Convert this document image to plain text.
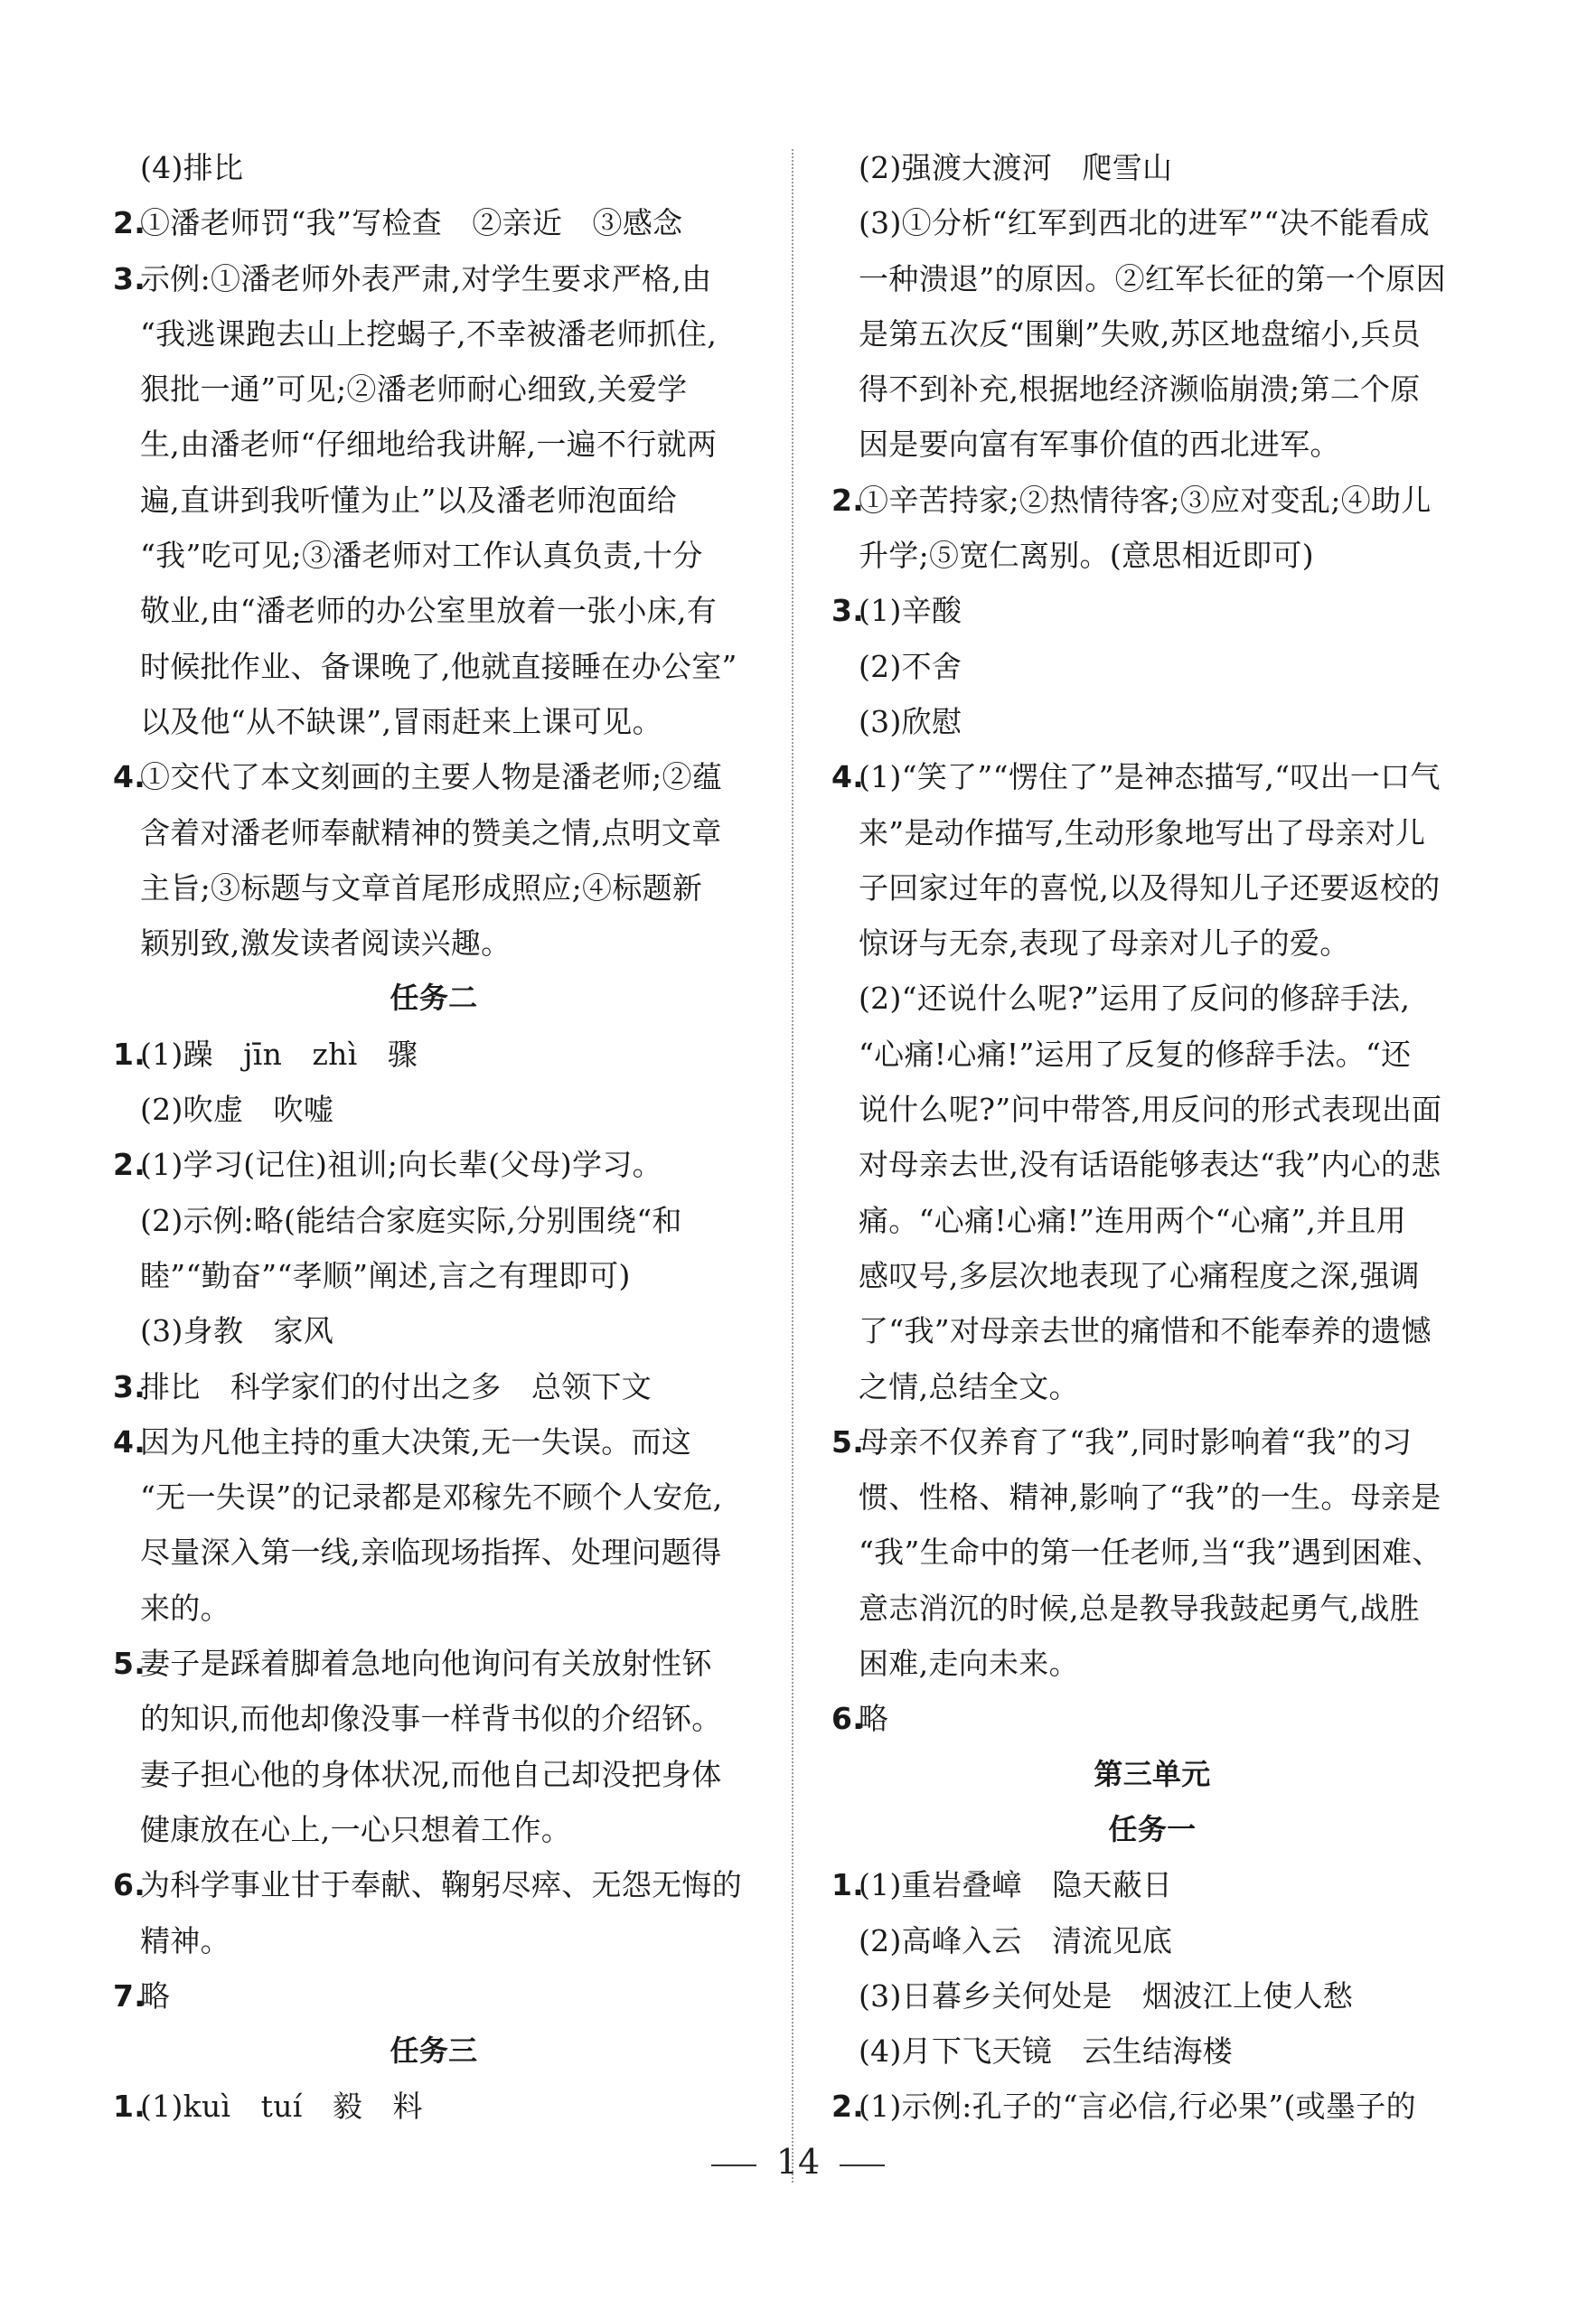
(4)排比
2.
①潘老师罚“我”写检查　②亲近　③感念
3.
示例:①潘老师外表严肃,对学生要求严格,由
“我逃课跑去山上挖蝎子,不幸被潘老师抓住,
狠批一通”可见;②潘老师耐心细致,关爱学
生,由潘老师“仔细地给我讲解,一遍不行就两
遍,直讲到我听懂为止”以及潘老师泡面给
“我”吃可见;③潘老师对工作认真负责,十分
敬业,由“潘老师的办公室里放着一张小床,有
时候批作业、备课晚了,他就直接睡在办公室”
以及他“从不缺课”,冒雨赶来上课可见。
4.
①交代了本文刻画的主要人物是潘老师;②蕴
含着对潘老师奉献精神的赞美之情,点明文章
主旨;③标题与文章首尾形成照应;④标题新
颖别致,激发读者阅读兴趣。
任务二
1.
(1)躁　jīn　zhì　骤
(2)吹虚　吹嘘
2.
(1)学习(记住)祖训;向长辈(父母)学习。
(2)示例:略(能结合家庭实际,分别围绕“和
睦”“勤奋”“孝顺”阐述,言之有理即可)
(3)身教　家风
3.
排比　科学家们的付出之多　总领下文
4.
因为凡他主持的重大决策,无一失误。而这
“无一失误”的记录都是邓稼先不顾个人安危,
尽量深入第一线,亲临现场指挥、处理问题得
来的。
5.
妻子是踩着脚着急地向他询问有关放射性钚
的知识,而他却像没事一样背书似的介绍钚。
妻子担心他的身体状况,而他自己却没把身体
健康放在心上,一心只想着工作。
6.
为科学事业甘于奉献、鞠躬尽瘁、无怨无悔的
精神。
7.
略
任务三
1.
(1)kuì　tuí　毅　料
(2)强渡大渡河　爬雪山
(3)①分析“红军到西北的进军”“决不能看成
一种溃退”的原因。②红军长征的第一个原因
是第五次反“围剿”失败,苏区地盘缩小,兵员
得不到补充,根据地经济濒临崩溃;第二个原
因是要向富有军事价值的西北进军。
2.
①辛苦持家;②热情待客;③应对变乱;④助儿
升学;⑤宽仁离别。(意思相近即可)
3.
(1)辛酸
(2)不舍
(3)欣慰
4.
(1)“笑了”“愣住了”是神态描写,“叹出一口气
来”是动作描写,生动形象地写出了母亲对儿
子回家过年的喜悦,以及得知儿子还要返校的
惊讶与无奈,表现了母亲对儿子的爱。
(2)“还说什么呢?”运用了反问的修辞手法,
“心痛!心痛!”运用了反复的修辞手法。“还
说什么呢?”问中带答,用反问的形式表现出面
对母亲去世,没有话语能够表达“我”内心的悲
痛。“心痛!心痛!”连用两个“心痛”,并且用
感叹号,多层次地表现了心痛程度之深,强调
了“我”对母亲去世的痛惜和不能奉养的遗憾
之情,总结全文。
5.
母亲不仅养育了“我”,同时影响着“我”的习
惯、性格、精神,影响了“我”的一生。母亲是
“我”生命中的第一任老师,当“我”遇到困难、
意志消沉的时候,总是教导我鼓起勇气,战胜
困难,走向未来。
6.
略
第三单元
任务一
1.
(1)重岩叠嶂　隐天蔽日
(2)高峰入云　清流见底
(3)日暮乡关何处是　烟波江上使人愁
(4)月下飞天镜　云生结海楼
2.
(1)示例:孔子的“言必信,行必果”(或墨子的
14
